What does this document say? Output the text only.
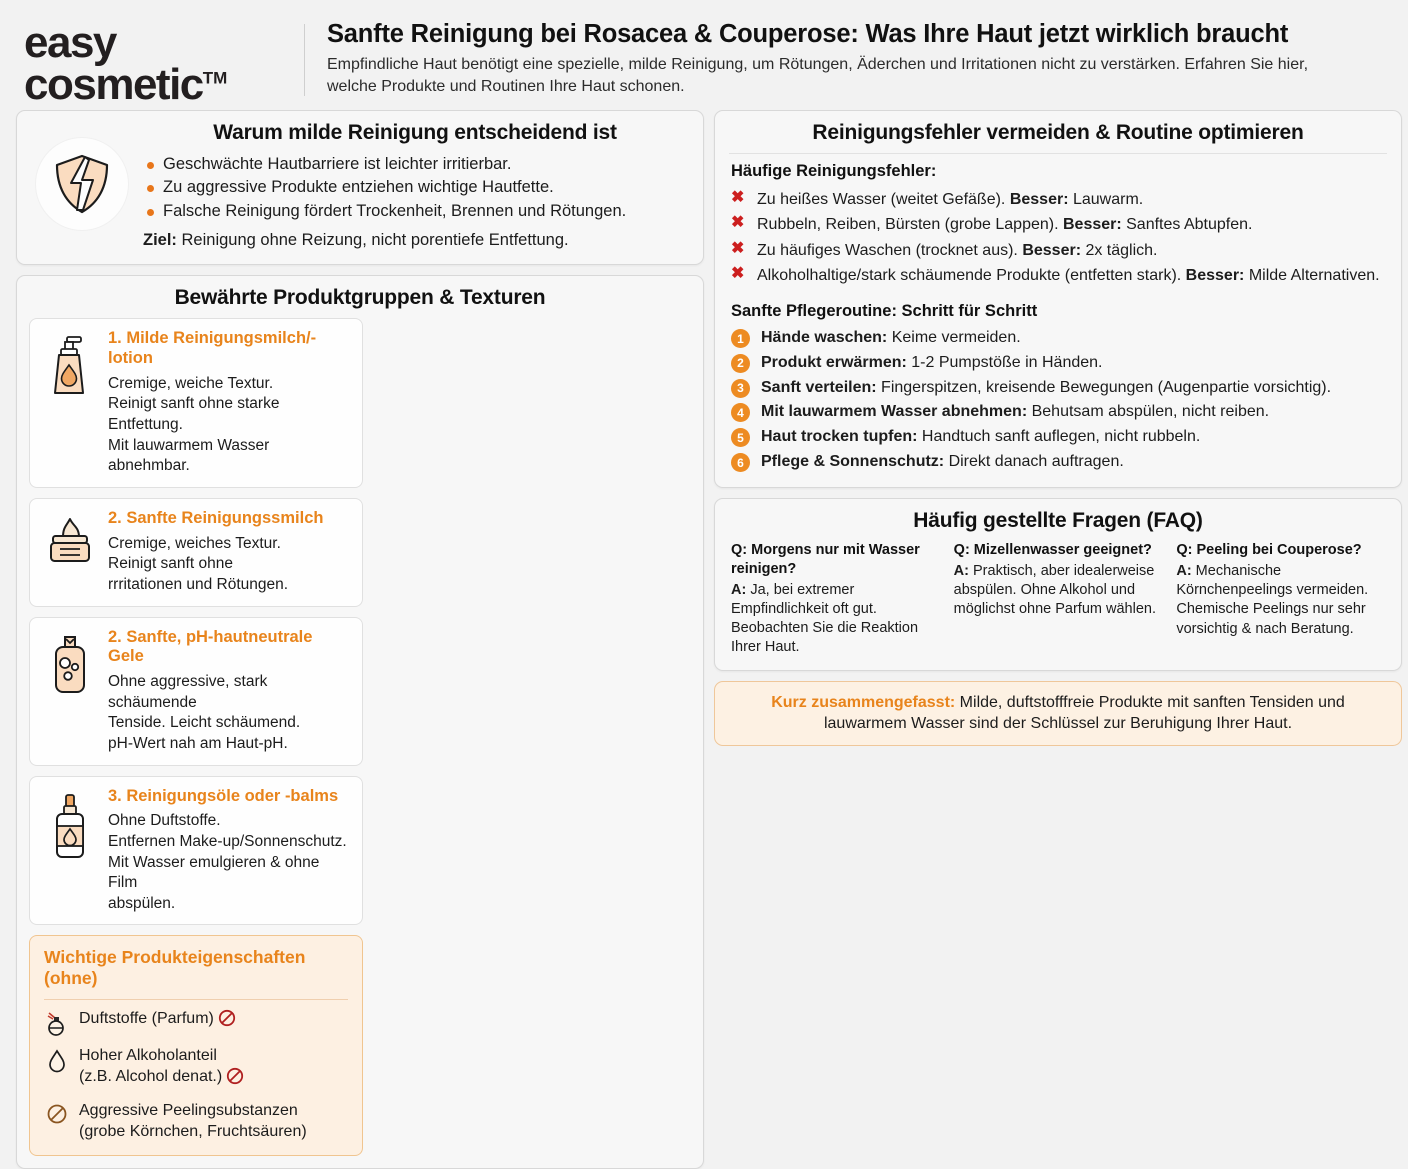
easy
cosmetic™
Sanfte Reinigung bei Rosacea & Couperose: Was Ihre Haut jetzt wirklich braucht
Empfindliche Haut benötigt eine spezielle, milde Reinigung, um Rötungen, Äderchen und Irritationen nicht zu verstärken. Erfahren Sie hier, welche Produkte und Routinen Ihre Haut schonen.
Warum milde Reinigung entscheidend ist
Geschwächte Hautbarriere ist leichter irritierbar.
Zu aggressive Produkte entziehen wichtige Hautfette.
Falsche Reinigung fördert Trockenheit, Brennen und Rötungen.
Ziel: Reinigung ohne Reizung, nicht porentiefe Entfettung.
Bewährte Produktgruppen & Texturen
1. Milde Reinigungsmilch/-lotion
Cremige, weiche Textur.
Reinigt sanft ohne starke Entfettung.
Mit lauwarmem Wasser abnehmbar.
2. Sanfte Reinigungssmilch
Cremige, weiches Textur.
Reinigt sanft ohne
rrritationen und Rötungen.
2. Sanfte, pH-hautneutrale Gele
Ohne aggressive, stark schäumende
Tenside. Leicht schäumend.
pH-Wert nah am Haut-pH.
3. Reinigungsöle oder -balms
Ohne Duftstoffe.
Entfernen Make-up/Sonnenschutz.
Mit Wasser emulgieren & ohne Film
abspülen.
Wichtige Produkteigenschaften
(ohne)
Duftstoffe (Parfum)
Hoher Alkoholanteil
(z.B. Alcohol denat.)
Aggressive Peelingsubstanzen
(grobe Körnchen, Fruchtsäuren)
Reinigungsfehler vermeiden & Routine optimieren
Häufige Reinigungsfehler:
✖ Zu heißes Wasser (weitet Gefäße). Besser: Lauwarm.
✖ Rubbeln, Reiben, Bürsten (grobe Lappen). Besser: Sanftes Abtupfen.
✖ Zu häufiges Waschen (trocknet aus). Besser: 2x täglich.
✖ Alkoholhaltige/stark schäumende Produkte (entfetten stark). Besser: Milde Alternativen.
Sanfte Pflegeroutine: Schritt für Schritt
1	Hände waschen: Keime vermeiden.
2	Produkt erwärmen: 1-2 Pumpstöße in Händen.
3	Sanft verteilen: Fingerspitzen, kreisende Bewegungen (Augenpartie vorsichtig).
4	Mit lauwarmem Wasser abnehmen: Behutsam abspülen, nicht reiben.
5	Haut trocken tupfen: Handtuch sanft auflegen, nicht rubbeln.
6	Pflege & Sonnenschutz: Direkt danach auftragen.
Häufig gestellte Fragen (FAQ)
Q: Morgens nur mit Wasser reinigen?
A: Ja, bei extremer Empfindlichkeit oft gut. Beobachten Sie die Reaktion Ihrer Haut.
Q: Mizellenwasser geeignet?
A: Praktisch, aber idealerweise abspülen. Ohne Alkohol und möglichst ohne Parfum wählen.
Q: Peeling bei Couperose?
A: Mechanische Körnchenpeelings vermeiden. Chemische Peelings nur sehr vorsichtig & nach Beratung.
Kurz zusammengefasst: Milde, duftstofffreie Produkte mit sanften Tensiden und lauwarmem Wasser sind der Schlüssel zur Beruhigung Ihrer Haut.
